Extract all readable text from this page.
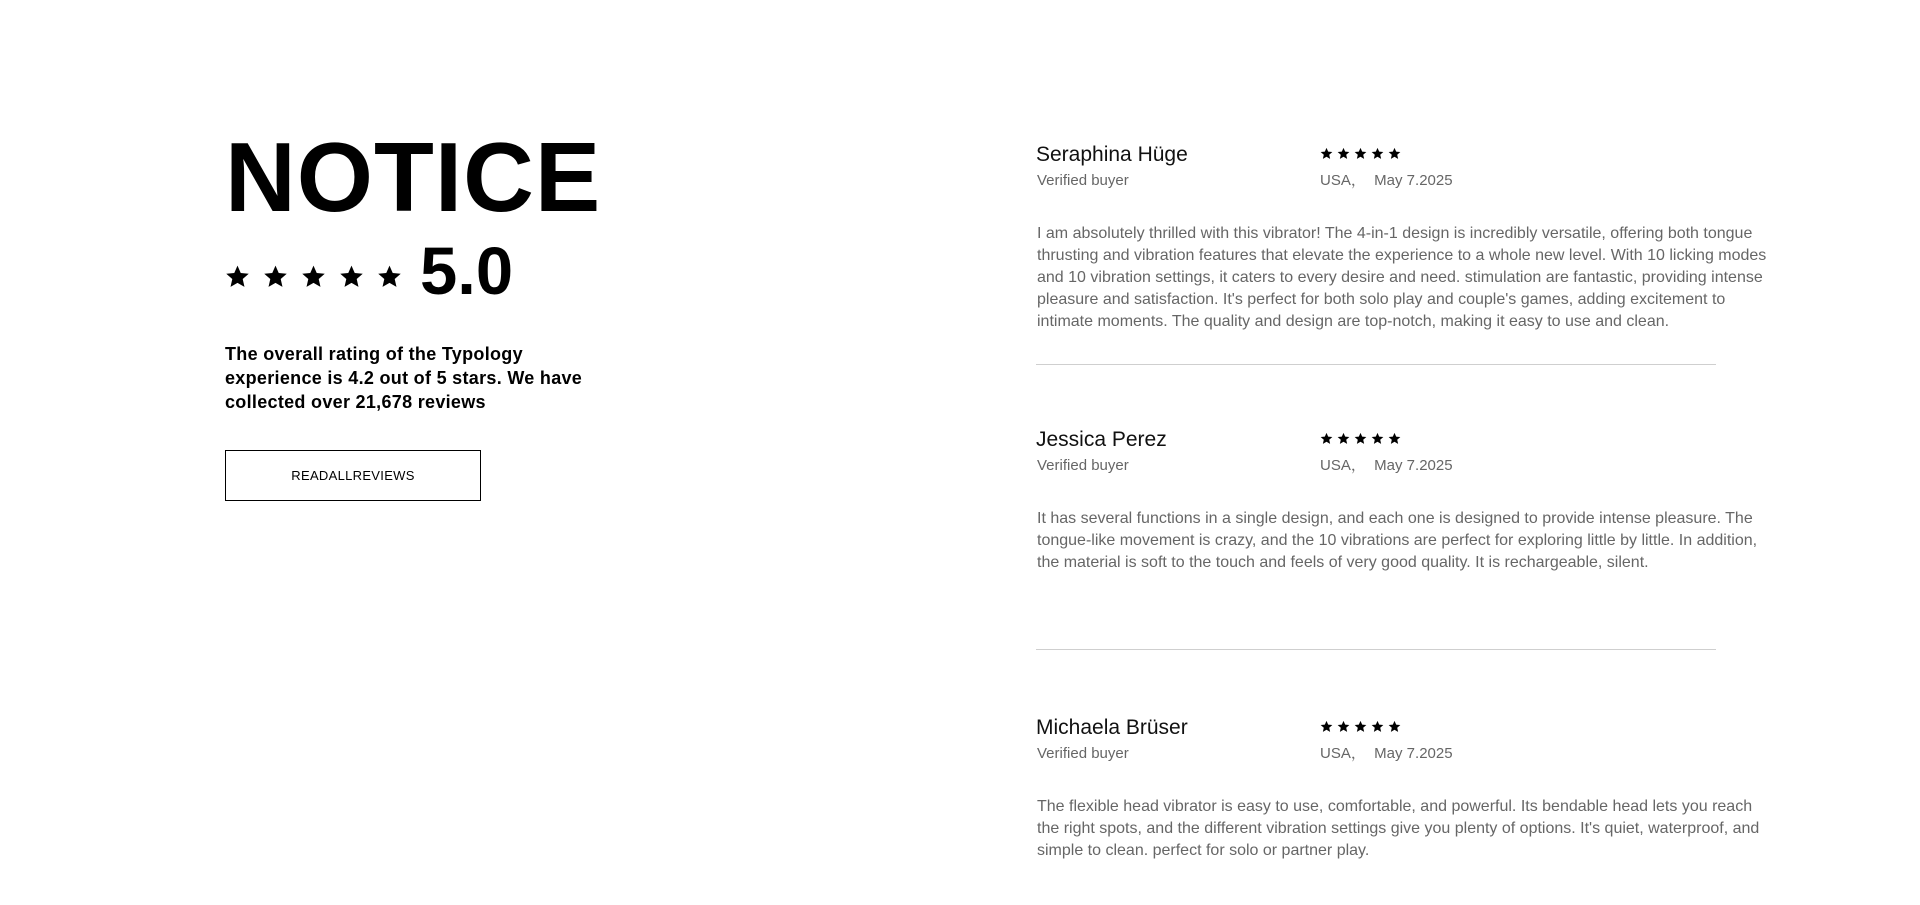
NOTICE
5.0

The overall rating of the Typology experience is 4.2 out of 5 stars. We have collected over 21,678 reviews

READALLREVIEWS
Seraphina Hüge
Verified buyer	USA，  May 7.2025

I am absolutely thrilled with this vibrator! The 4-in-1 design is incredibly versatile, offering both tongue thrusting and vibration features that elevate the experience to a whole new level. With 10 licking modes and 10 vibration settings, it caters to every desire and need. stimulation are fantastic, providing intense pleasure and satisfaction. It's perfect for both solo play and couple's games, adding excitement to intimate moments. The quality and design are top-notch, making it easy to use and clean.

Jessica Perez
Verified buyer	USA，  May 7.2025

It has several functions in a single design, and each one is designed to provide intense pleasure. The tongue-like movement is crazy, and the 10 vibrations are perfect for exploring little by little. In addition, the material is soft to the touch and feels of very good quality. It is rechargeable, silent.

Michaela Brüser
Verified buyer	USA，  May 7.2025

The flexible head vibrator is easy to use, comfortable, and powerful. Its bendable head lets you reach the right spots, and the different vibration settings give you plenty of options. It's quiet, waterproof, and simple to clean. perfect for solo or partner play.
